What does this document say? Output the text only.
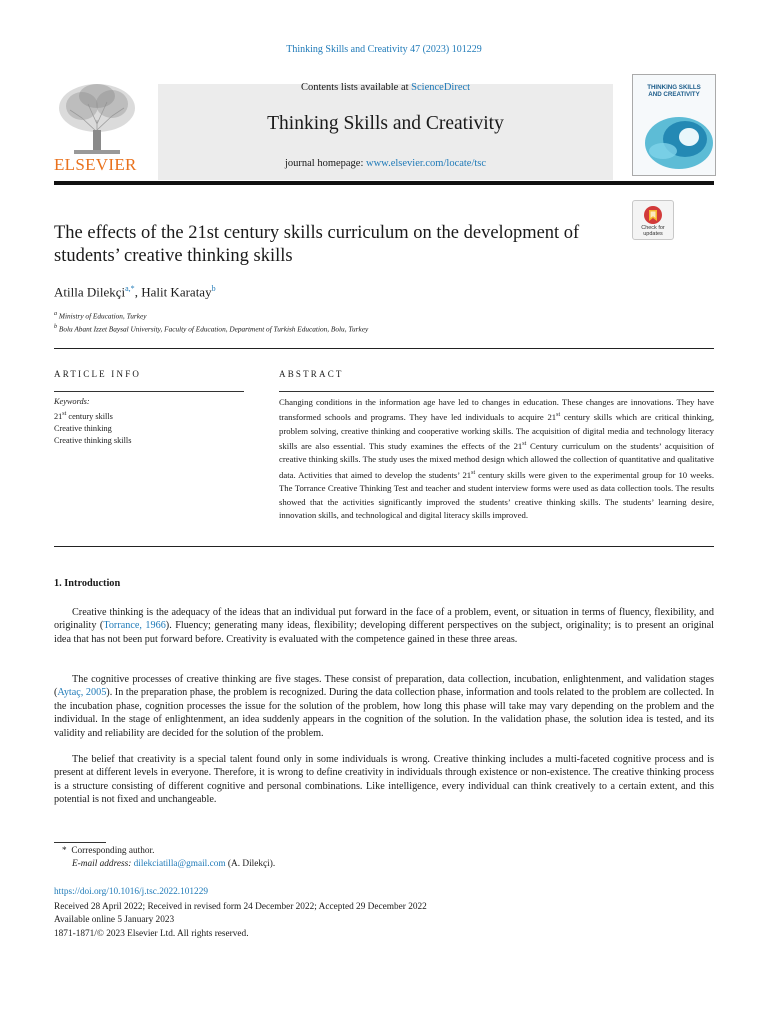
Thinking Skills and Creativity 47 (2023) 101229
ELSEVIER
Contents lists available at ScienceDirect
Thinking Skills and Creativity
journal homepage: www.elsevier.com/locate/tsc
THINKING SKILLS
AND CREATIVITY
Check for
updates
The effects of the 21st century skills curriculum on the development of students’ creative thinking skills
Atilla Dilekçi$^{a,*}$, Halit Karatay$^b$
$^a$ Ministry of Education, Turkey
$^b$ Bolu Abant Izzet Baysal University, Faculty of Education, Department of Turkish Education, Bolu, Turkey
ARTICLE INFO	ABSTRACT
Keywords:
21st century skills
Creative thinking
Creative thinking skills
Changing conditions in the information age have led to changes in education. These changes are innovations. They have transformed schools and programs. They have led individuals to acquire 21st century skills which are critical thinking, problem solving, creative thinking and cooperative working skills. The acquisition of digital media and technology literacy skills are also essential. This study examines the effects of the 21st Century curriculum on the students’ acquisition of creative thinking skills. The study uses the mixed method design which allowed the collection of quantitative and qualitative data. Activities that aimed to develop the students’ 21st century skills were given to the experimental group for 10 weeks. The Torrance Creative Thinking Test and teacher and student interview forms were used as data collection tools. The results showed that the activities significantly improved the students’ creative thinking skills. The students’ learning desire, innovation skills, and technological and digital literacy skills improved.
1. Introduction
Creative thinking is the adequacy of the ideas that an individual put forward in the face of a problem, event, or situation in terms of fluency, flexibility, and originality (Torrance, 1966). Fluency; generating many ideas, flexibility; developing different perspectives on the subject, originality; is to present an original idea that has not been put forward before. Creativity is evaluated with the competence gained in these three areas.
The cognitive processes of creative thinking are five stages. These consist of preparation, data collection, incubation, enlightenment, and validation stages (Aytaç, 2005). In the preparation phase, the problem is recognized. During the data collection phase, information and tools related to the problem are collected. In the incubation phase, cognition processes the issue for the solution of the problem, how long this phase will take may vary depending on the problem and the individual. In the stage of enlightenment, an idea suddenly appears in the cognition of the solution. In the validation phase, the solution idea is tested, and its validity and reliability are decided for the solution of the problem.
The belief that creativity is a special talent found only in some individuals is wrong. Creative thinking includes a multi-faceted cognitive process and is present at different levels in everyone. Therefore, it is wrong to define creativity in individuals through existence or non-existence. The creative thinking process is a structure consisting of different cognitive and personal combinations. Like intelligence, every individual can think creatively to a certain extent, and this potential is not fixed and unchangeable.
* Corresponding author.
E-mail address: dilekciatilla@gmail.com (A. Dilekçi).
https://doi.org/10.1016/j.tsc.2022.101229
Received 28 April 2022; Received in revised form 24 December 2022; Accepted 29 December 2022
Available online 5 January 2023
1871-1871/© 2023 Elsevier Ltd. All rights reserved.
